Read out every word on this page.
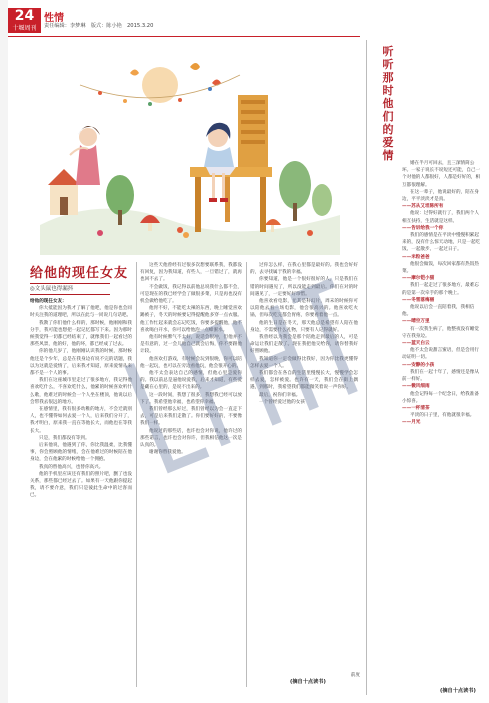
24
十堰周刊
性情
责任编辑：李梦琳　版式：陈小艳　2015.3.20
给他的现任女友
◎文头鼠也得漏抖

给他的现任女友：

你大抵能因为我才了解了他吧，他是你也会同时关注我的道理吧，所以在此与一同说几句话吧。

我教了你们他什么样的，那时候，他刚刚和我分手，我可能也想把一起记忆都写下来。因为那时候我觉得一切都已经结束了，就像我们一起看过的那些风景，他的好，他的坏，都已经成了过去。

你的他几岁了，他刚刚认识我的时候，那时候他还是个少年，总是在我身边有说不完的话题，我以为这就是爱情了，后来我才知道，原来爱情从来都不是一个人的事。

我们在这座城市里走过了很多地方，我记得他喜欢吃什么，不喜欢吃什么，他累的时候喜欢听什么歌，他难过的时候会一个人坐在楼顶，他说以后会带我去很远的地方。

在感情里，我有很多幼稚的地方，不会迁就别人，也不懂得如何去爱一个人，后来我们分开了，我才明白，原来我一直在等他长大，而他也在等我长大。

只是，我们都没有等到。

后来他说，他遇到了你，你比我温柔，比我懂事，你会照顾他的情绪，会在他难过的时候陪在他身边，会在他累的时候给他一个拥抱。

我真的替他高兴，也替你高兴。

他的手机里应该还有我们的照片吧，删了也没关系，那些都已经过去了。如果有一天他跟你提起我，请不要介意，我们只是彼此生命中的过客而已。

这些天他曾经有过很多次想要联系我，我都没有回复，因为我知道，有些人，一旦错过了，就再也回不去了。

不会做饭，我记得以前他总说我什么都不会，可是现在的我已经学会了做很多菜，只是再也没有机会做给他吃了。

他胃不好，不能吃太辣的东西，晚上睡觉喜欢踢被子，冬天的时候要记得提醒他多穿一点衣服。他工作忙起来就会忘记吃饭，你要多提醒他，他不喜欢喝白开水，你可以给他泡一点蜂蜜水。

他有时候脾气不太好，说话会很冲，但他并不是有意的，过一会儿他自己就会后悔，你不要跟他计较。

他喜欢打游戏，有时候会玩到很晚，你可以陪他一起玩，也可以在旁边看他玩，他会很开心的。

他不太会表达自己的感情，但他心里是爱你的。我以前总是逼他说爱我，后来才知道，有些爱是藏在心里的，是说不出来的。

这一段时间，我想了很多，我想我已经可以放下了。我希望他幸福，也希望你幸福。

我们曾经那么好过，我们曾经以为会一直走下去，可是后来我们走散了。你们要好好的，不要像我们一样。

他说过的那些话，也许也会对你说，他许过的那些诺言，也许也会对你许，但我相信他这一次是认真的。

谢谢你替我爱他。

过你怎么样，在我心里都是最好的。我也会好好的，去寻找属于我的幸福。

你要知道，他是一个很好很好的人，只是我们在错的时间遇见了，所以没能走到最后。你们在对的时间遇见了，一定要好好珍惜。

他喜欢看电影，尤其是科幻片，周末的时候你可以陪他去看一场电影，他会很高兴的。他喜欢吃火锅，但每次吃完都会胃疼，你要看着他一点。

他的生日是在冬天，那天他总是希望有人陪在他身边，不需要什么礼物，只要有人记得就好。

我曾经以为我会是那个陪他走到最后的人，可是命运让我们走散了。现在我把他交给你，请你替我好好照顾他。

我知道你一定会做得比我好，因为你比我更懂得怎样去爱一个人。

我们都会在各自的生活里慢慢长大，慢慢学会怎样去爱，怎样被爱。也许有一天，我们会在街上偶遇，到那时，我希望我们都能微笑着说一声你好。

最后，祝你们幸福。

一个曾经爱过他的女孩

前度
(摘自十点读书)
听听那时他们的爱情

婚在半月可回去，且三深情简公坏。一家子说长不说短还可能，自己一个对他的人都很好，人都是好好的，相互都很理解。

在这一辈子，他说最好的，陪在身边，平平淡淡才是真。

——苏从又坦陈所有

他说：过得好就行了，我们两个人相互扶持，生活就是这样。

——告诉给我一个你

我们的感情是在平淡中慢慢积累起来的，没有什么惊天动地，只是一起吃饭、一起散步、一起过日子。

——米粒爸爸

他很会做饭，每次回家都有热饭热菜。

——摩尔铠小猫

我们一起走过了很多地方，最难忘的是第一次牵手的那个晚上。

——冬雪落梅丽

他说以后会一直陪着我，我相信他。

——晴空万里

有一次我生病了，他整夜没有睡觉守在我身边。

——蓝天白云

他不太会说甜言蜜语，但是会用行动证明一切。

——安静的小孩

我们在一起十年了，感情还是像从前一样好。

——微风细雨

他会记得每一个纪念日，给我准备小惊喜。

——一杯清茶

平淡的日子里，有他就很幸福。

——月光

(摘自十点读书)
